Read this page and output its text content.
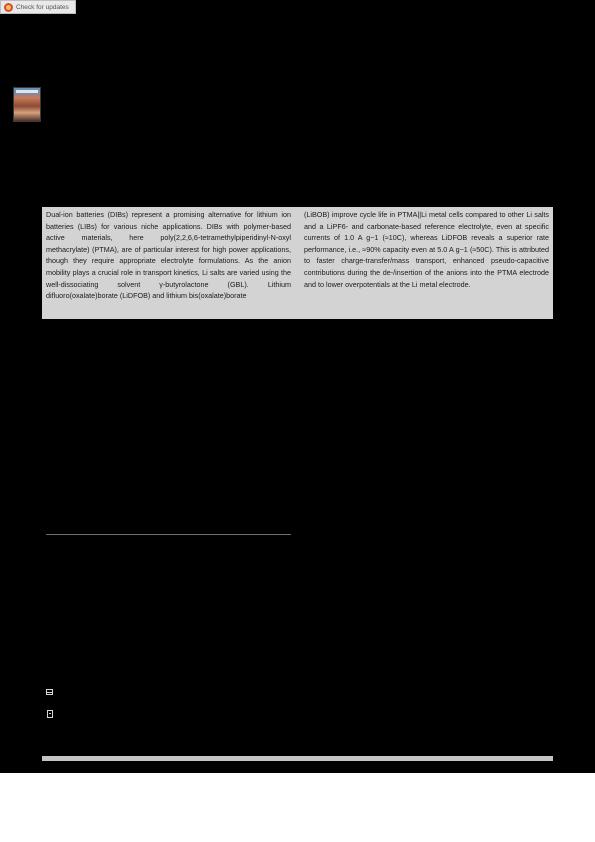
Check for updates
Dual-ion batteries (DIBs) represent a promising alternative for lithium ion batteries (LIBs) for various niche applications. DIBs with polymer-based active materials, here poly(2,2,6,6-tetramethylpiperidinyl-N-oxyl methacrylate) (PTMA), are of particular interest for high power applications, though they require appropriate electrolyte formulations. As the anion mobility plays a crucial role in transport kinetics, Li salts are varied using the well-dissociating solvent γ-butyrolactone (GBL). Lithium difluoro(oxalate)borate (LiDFOB) and lithium bis(oxalate)borate
(LiBOB) improve cycle life in PTMA||Li metal cells compared to other Li salts and a LiPF6- and carbonate-based reference electrolyte, even at specific currents of 1.0 A g−1 (≈10C), whereas LiDFOB reveals a superior rate performance, i.e., ≈90% capacity even at 5.0 A g−1 (≈50C). This is attributed to faster charge-transfer/mass transport, enhanced pseudo-capacitive contributions during the de-/insertion of the anions into the PTMA electrode and to lower overpotentials at the Li metal electrode.
